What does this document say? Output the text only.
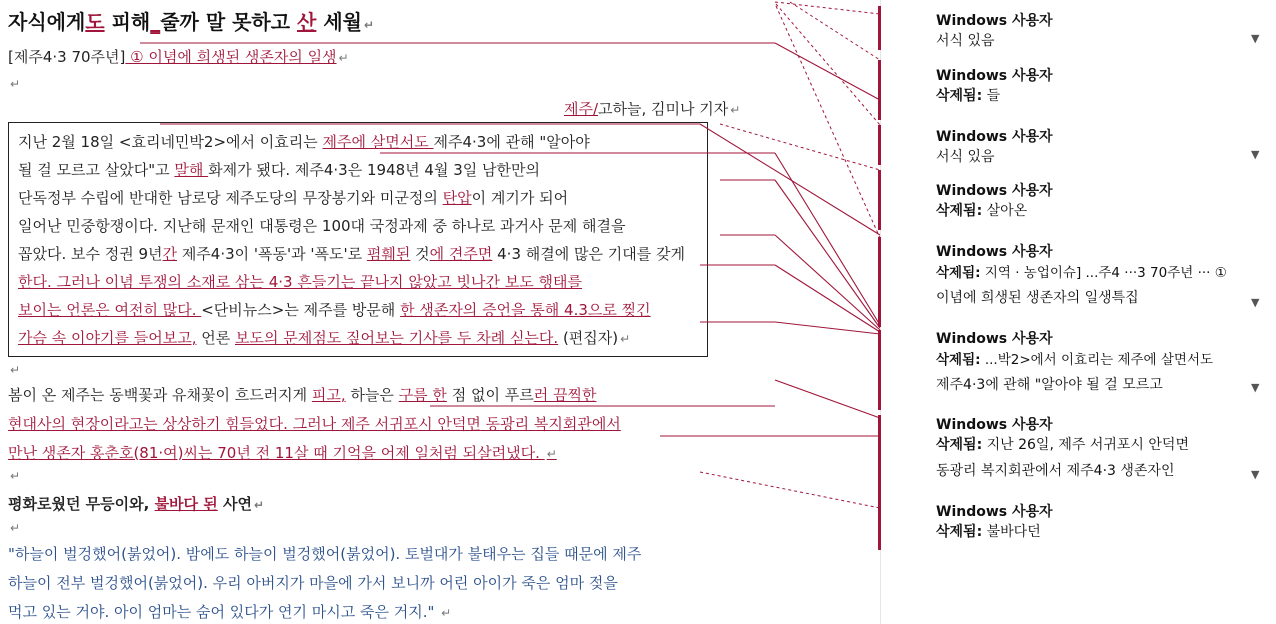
자식에게도 피해_줄까 말 못하고 산 세월 ↵
[제주4·3 70주년] ① 이념에 희생된 생존자의 일생 ↵
↵
제주/고하늘, 김미나 기자 ↵
지난 2월 18일 <효리네민박2>에서 이효리는 제주에 살면서도 제주4·3에 관해 "알아야
될 걸 모르고 살았다"고 말해 화제가 됐다. 제주4·3은 1948년 4월 3일 남한만의
단독정부 수립에 반대한 남로당 제주도당의 무장봉기와 미군정의 탄압이 계기가 되어
일어난 민중항쟁이다. 지난해 문재인 대통령은 100대 국정과제 중 하나로 과거사 문제 해결을
꼽았다. 보수 정권 9년간 제주4·3이 '폭동'과 '폭도'로 폄훼된 것에 견주면 4·3 해결에 많은 기대를 갖게
한다. 그러나 이념 투쟁의 소재로 삼는 4·3 흔들기는 끝나지 않았고 빗나간 보도 행태를
보이는 언론은 여전히 많다. <단비뉴스>는 제주를 방문해 한 생존자의 증언을 통해 4.3으로 찢긴
가슴 속 이야기를 들어보고, 언론 보도의 문제점도 짚어보는 기사를 두 차례 싣는다. (편집자) ↵
↵
봄이 온 제주는 동백꽃과 유채꽃이 흐드러지게 피고, 하늘은 구름 한 점 없이 푸르러 끔찍한
현대사의 현장이라고는 상상하기 힘들었다. 그러나 제주 서귀포시 안덕면 동광리 복지회관에서
만난 생존자 홍춘호(81·여)씨는 70년 전 11살 때 기억을 어제 일처럼 되살려냈다. ↵
↵
평화로웠던 무등이와, 불바다 된 사연 ↵
↵
"하늘이 벌겅했어(붉었어). 밤에도 하늘이 벌겅했어(붉었어). 토벌대가 불태우는 집들 때문에 제주
하늘이 전부 벌겅했어(붉었어). 우리 아버지가 마을에 가서 보니까 어린 아이가 죽은 엄마 젖을
먹고 있는 거야. 아이 엄마는 숨어 있다가 연기 마시고 죽은 거지." ↵
Windows 사용자
서식 있음	▼
Windows 사용자
삭제됨: 들
Windows 사용자
서식 있음	▼
Windows 사용자
삭제됨: 살아온
Windows 사용자
삭제됨: 지역 · 농업이슈] ...주4 ···3 70주년 ··· ①
이념에 희생된 생존자의 일생특집	▼
Windows 사용자
삭제됨: ...박2>에서 이효리는 제주에 살면서도
제주4·3에 관해 "알아야 될 걸 모르고	▼
Windows 사용자
삭제됨: 지난 26일, 제주 서귀포시 안덕면
동광리 복지회관에서 제주4·3 생존자인	▼
Windows 사용자
삭제됨: 불바다던
